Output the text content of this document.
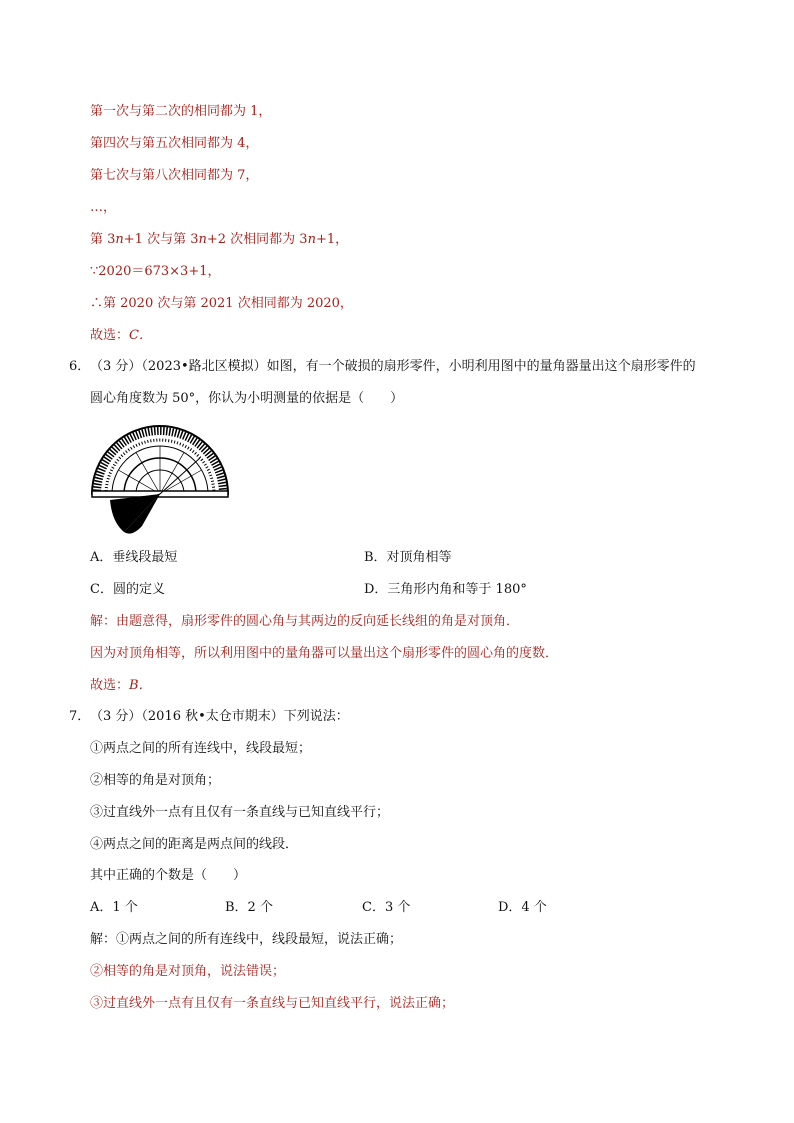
第一次与第二次的相同都为 1，

第四次与第五次相同都为 4，

第七次与第八次相同都为 7，

…，

第 3n+1 次与第 3n+2 次相同都为 3n+1，

∵2020＝673×3+1，

∴第 2020 次与第 2021 次相同都为 2020，

故选：C．

6． （3 分）（2023•路北区模拟）如图，有一个破损的扇形零件，小明利用图中的量角器量出这个扇形零件的

圆心角度数为 50°，你认为小明测量的依据是（　　）

A．垂线段最短	B．对顶角相等
C．圆的定义	D．三角形内角和等于 180°

解：由题意得，扇形零件的圆心角与其两边的反向延长线组的角是对顶角．

因为对顶角相等，所以利用图中的量角器可以量出这个扇形零件的圆心角的度数．

故选：B．

7． （3 分）（2016 秋•太仓市期末）下列说法：

①两点之间的所有连线中，线段最短；

②相等的角是对顶角；

③过直线外一点有且仅有一条直线与已知直线平行；

④两点之间的距离是两点间的线段．

其中正确的个数是（　　）

A．1 个	B．2 个	C．3 个	D．4 个

解：①两点之间的所有连线中，线段最短，说法正确；

②相等的角是对顶角，说法错误；

③过直线外一点有且仅有一条直线与已知直线平行，说法正确；
